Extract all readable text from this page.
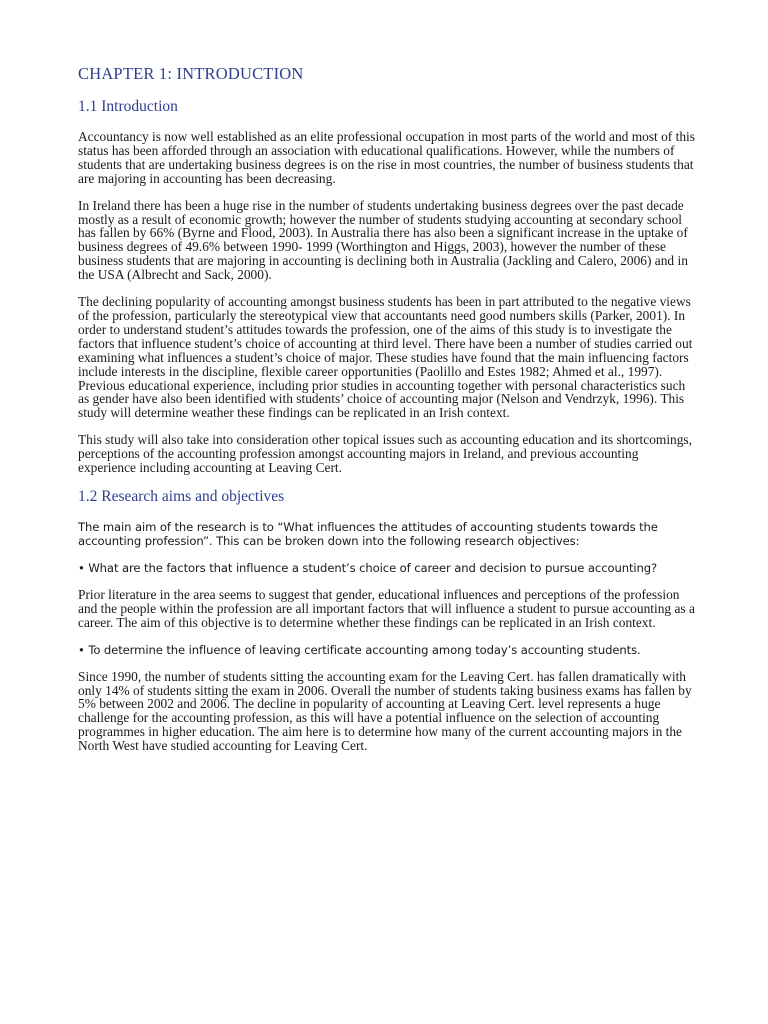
CHAPTER 1: INTRODUCTION
1.1 Introduction

Accountancy is now well established as an elite professional occupation in most parts of the world and most of this status has been afforded through an association with educational qualifications. However, while the numbers of students that are undertaking business degrees is on the rise in most countries, the number of business students that are majoring in accounting has been decreasing.

In Ireland there has been a huge rise in the number of students undertaking business degrees over the past decade mostly as a result of economic growth; however the number of students studying accounting at secondary school has fallen by 66% (Byrne and Flood, 2003). In Australia there has also been a significant increase in the uptake of business degrees of 49.6% between 1990- 1999 (Worthington and Higgs, 2003), however the number of these business students that are majoring in accounting is declining both in Australia (Jackling and Calero, 2006) and in the USA (Albrecht and Sack, 2000).

The declining popularity of accounting amongst business students has been in part attributed to the negative views of the profession, particularly the stereotypical view that accountants need good numbers skills (Parker, 2001). In order to understand student’s attitudes towards the profession, one of the aims of this study is to investigate the factors that influence student’s choice of accounting at third level. There have been a number of studies carried out examining what influences a student’s choice of major. These studies have found that the main influencing factors include interests in the discipline, flexible career opportunities (Paolillo and Estes 1982; Ahmed et al., 1997). Previous educational experience, including prior studies in accounting together with personal characteristics such as gender have also been identified with students’ choice of accounting major (Nelson and Vendrzyk, 1996). This study will determine weather these findings can be replicated in an Irish context.

This study will also take into consideration other topical issues such as accounting education and its shortcomings, perceptions of the accounting profession amongst accounting majors in Ireland, and previous accounting experience including accounting at Leaving Cert.

1.2 Research aims and objectives

The main aim of the research is to “What influences the attitudes of accounting students towards the accounting profession”. This can be broken down into the following research objectives:

• What are the factors that influence a student’s choice of career and decision to pursue accounting?

Prior literature in the area seems to suggest that gender, educational influences and perceptions of the profession and the people within the profession are all important factors that will influence a student to pursue accounting as a career. The aim of this objective is to determine whether these findings can be replicated in an Irish context.

• To determine the influence of leaving certificate accounting among today’s accounting students.

Since 1990, the number of students sitting the accounting exam for the Leaving Cert. has fallen dramatically with only 14% of students sitting the exam in 2006. Overall the number of students taking business exams has fallen by 5% between 2002 and 2006. The decline in popularity of accounting at Leaving Cert. level represents a huge challenge for the accounting profession, as this will have a potential influence on the selection of accounting programmes in higher education. The aim here is to determine how many of the current accounting majors in the North West have studied accounting for Leaving Cert.
